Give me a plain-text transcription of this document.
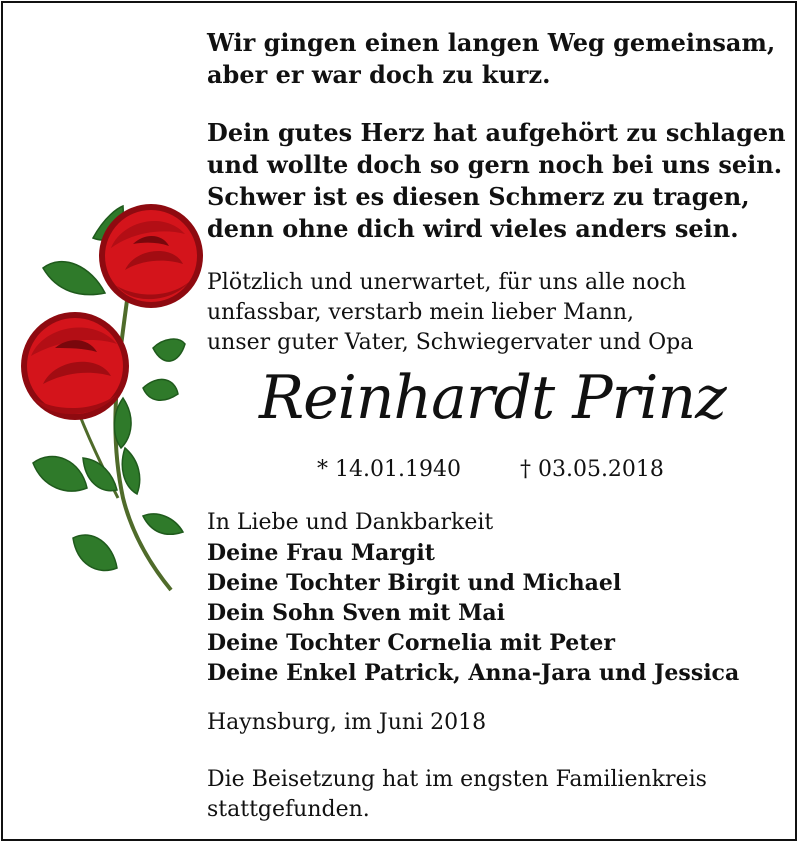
Wir gingen einen langen Weg gemeinsam,
aber er war doch zu kurz.
Dein gutes Herz hat aufgehört zu schlagen
und wollte doch so gern noch bei uns sein.
Schwer ist es diesen Schmerz zu tragen,
denn ohne dich wird vieles anders sein.
Plötzlich und unerwartet, für uns alle noch
unfassbar, verstarb mein lieber Mann,
unser guter Vater, Schwiegervater und Opa
Reinhardt Prinz
* 14.01.1940	† 03.05.2018
In Liebe und Dankbarkeit
Deine Frau Margit
Deine Tochter Birgit und Michael
Dein Sohn Sven mit Mai
Deine Tochter Cornelia mit Peter
Deine Enkel Patrick, Anna-Jara und Jessica
Haynsburg, im Juni 2018
Die Beisetzung hat im engsten Familienkreis
stattgefunden.
